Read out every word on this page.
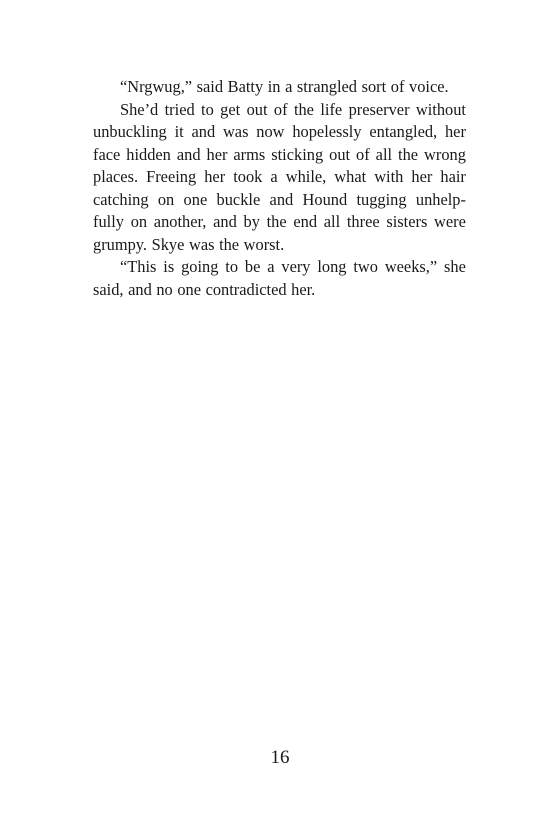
“Nrgwug,” said Batty in a strangled sort of voice.
She’d tried to get out of the life preserver without
unbuckling it and was now hopelessly entangled, her
face hidden and her arms sticking out of all the wrong
places. Freeing her took a while, what with her hair
catching on one buckle and Hound tugging unhelp-
fully on another, and by the end all three sisters were
grumpy. Skye was the worst.
“This is going to be a very long two weeks,” she
said, and no one contradicted her.
16
